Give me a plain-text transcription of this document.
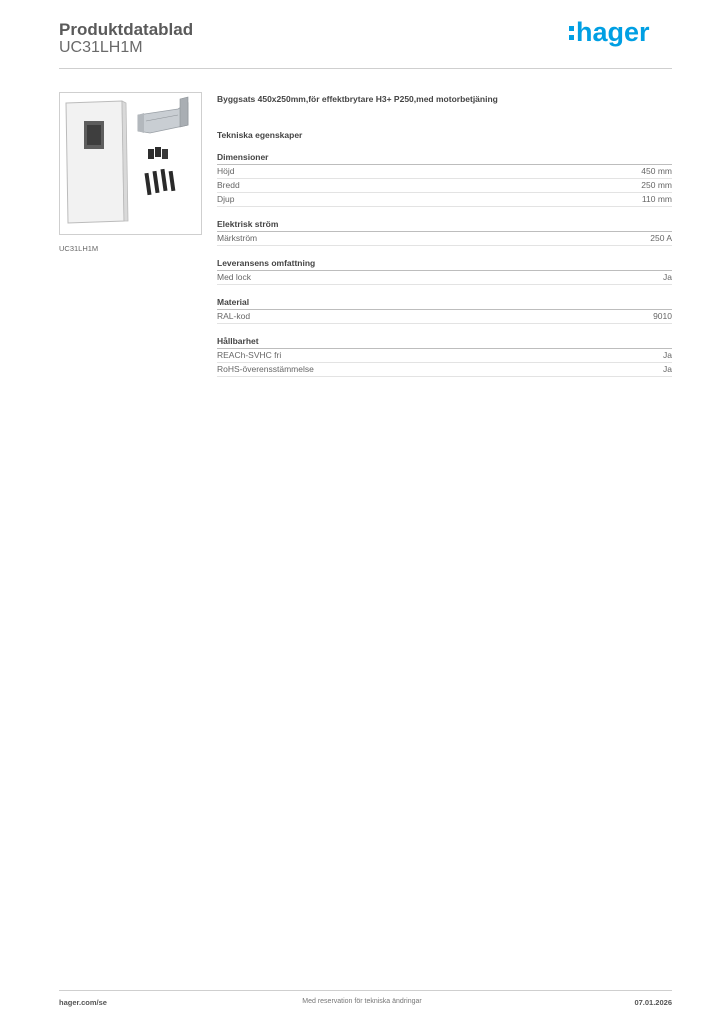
Produktdatablad
UC31LH1M
hager
UC31LH1M
Byggsats 450x250mm,för effektbrytare H3+ P250,med motorbetjäning
Tekniska egenskaper
Dimensioner
Höjd	450 mm
Bredd	250 mm
Djup	110 mm
Elektrisk ström
Märkström	250 A
Leveransens omfattning
Med lock	Ja
Material
RAL-kod	9010
Hållbarhet
REACh-SVHC fri	Ja
RoHS-överensstämmelse	Ja
hager.com/se	Med reservation för tekniska ändringar	07.01.2026
